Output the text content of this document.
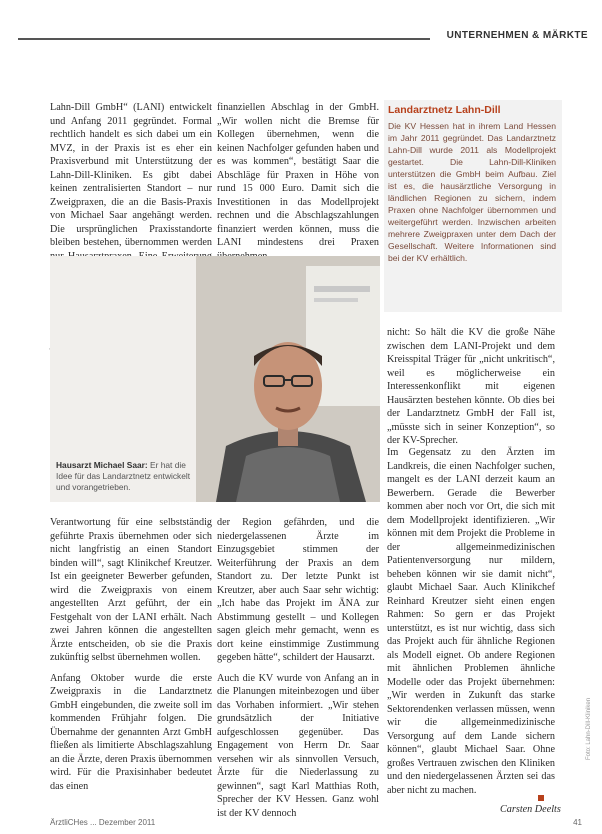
UNTERNEHMEN & MÄRKTE

Lahn-Dill GmbH“ (LANI) entwickelt und Anfang 2011 gegründet. Formal rechtlich handelt es sich dabei um ein MVZ, in der Praxis ist es eher ein Praxisverbund mit Unterstützung der Lahn-Dill-Kliniken. Es gibt dabei keinen zentralisierten Standort – nur Zweigpraxen, die an die Basis-Praxis von Michael Saar angehängt werden. Die ursprünglichen Praxisstandorte bleiben bestehen, übernommen werden

finanziellen Abschlag in der GmbH. „Wir wollen nicht die Bremse für Kollegen übernehmen, wenn die keinen Nachfolger gefunden haben und es was kommen“, bestätigt Saar die Abschläge für Praxen in Höhe von rund 15 000 Euro. Damit sich die Investitionen in das Modellprojekt rechnen und die Abschlagszahlungen finanziert werden können, muss die LANI mindestens drei Praxen

Landarztnetz Lahn-Dill
Die KV Hessen hat in ihrem Land Hessen im Jahr 2011 gegründet. Das Landarztnetz Lahn-Dill wurde 2011 als Modellprojekt gestartet. Die Lahn-Dill-Kliniken unterstützen die GmbH beim Aufbau. Ziel ist es, die hausärztliche Versorgung in ländlichen Regionen zu sichern, indem Praxen ohne Nachfolger übernommen und weitergeführt werden. Inzwischen arbeiten mehrere Zweigpraxen unter dem Dach der Gesellschaft. Weitere Informationen sind bei der KV erhältlich.
Hausarzt Michael Saar: Er hat die Idee für das Landarztnetz entwickelt und vorangetrieben.

Verantwortung für eine selbstständig geführte Praxis übernehmen oder sich nicht langfristig an einen Standort binden will“, sagt Klinikchef Kreutzer. Ist ein geeigneter Bewerber gefunden, wird die Zweigpraxis von einem angestellten Arzt geführt, der ein Festgehalt von der LANI erhält. Nach zwei Jahren können die angestellten Ärzte entscheiden, ob sie die Praxis zukünftig selbst übernehmen wollen.

Anfang Oktober wurde die erste Zweigpraxis in die Landarztnetz GmbH eingebunden, die zweite soll im kommenden Frühjahr folgen. Die Übernahme der genannten Arzt GmbH fließen als limitierte Abschlagszahlung an die Ärzte, deren Praxis übernommen wird. Für die Praxisinhaber bedeutet das einen

der Region gefährden, und die niedergelassenen Ärzte im Einzugsgebiet stimmen der Weiterführung der Praxis an dem Standort zu. Der letzte Punkt ist Kreutzer, aber auch Saar sehr wichtig: „Ich habe das Projekt im ÄNA zur Abstimmung gestellt – und Kollegen sagen gleich mehr gemacht, wenn es dort keine einstimmige Zustimmung gegeben hätte“, schildert der Hausarzt.

Auch die KV wurde von Anfang an in die Planungen miteinbezogen und über das Vorhaben informiert. „Wir stehen grundsätzlich der Initiative aufgeschlossen gegenüber. Das Engagement von Herrn Dr. Saar versehen wir als sinnvollen Versuch, Ärzte für die Niederlassung zu gewinnen“, sagt Karl Matthias Roth, Sprecher der KV Hessen. Ganz wohl ist der KV dennoch

nicht: So hält die KV die große Nähe zwischen dem LANI-Projekt und dem Kreisspital Träger für „nicht unkritisch“, weil es möglicherweise ein Interessenkonflikt mit eigenen Hausärzten bestehen könnte. Ob dies bei der Landarztnetz GmbH der Fall ist, „müsste sich in seiner Konzeption“, so der KV-Sprecher.

Im Gegensatz zu den Ärzten im Landkreis, die einen Nachfolger suchen, mangelt es der LANI derzeit kaum an Bewerbern. Gerade die Bewerber kommen aber noch vor Ort, die sich mit dem Modellprojekt identifizieren. „Wir können mit dem Projekt die Probleme in der allgemeinmedizinischen Patientenversorgung nur mildern, beheben können wir sie damit nicht“, glaubt Michael Saar. Auch Klinikchef Reinhard Kreutzer sieht einen engen Rahmen: So gern er das Projekt unterstützt, es ist nur wichtig, dass sich das Projekt auch für ähnliche Regionen als Modell eignet. Ob andere Regionen mit ähnlichen Problemen ähnliche Modelle oder das Projekt übernehmen: „Wir werden in Zukunft das starke Sektorendenken verlassen müssen, wenn wir die allgemeinmedizinische Versorgung auf dem Lande sichern können“, glaubt Michael Saar. Ohne großes Vertrauen zwischen den Kliniken und den niedergelassenen Ärzten sei das aber nicht zu machen.

Carsten Deelts
ÄrztliCHes ... Dezember 2011	41
Foto: Lahn-Dill-Kliniken
